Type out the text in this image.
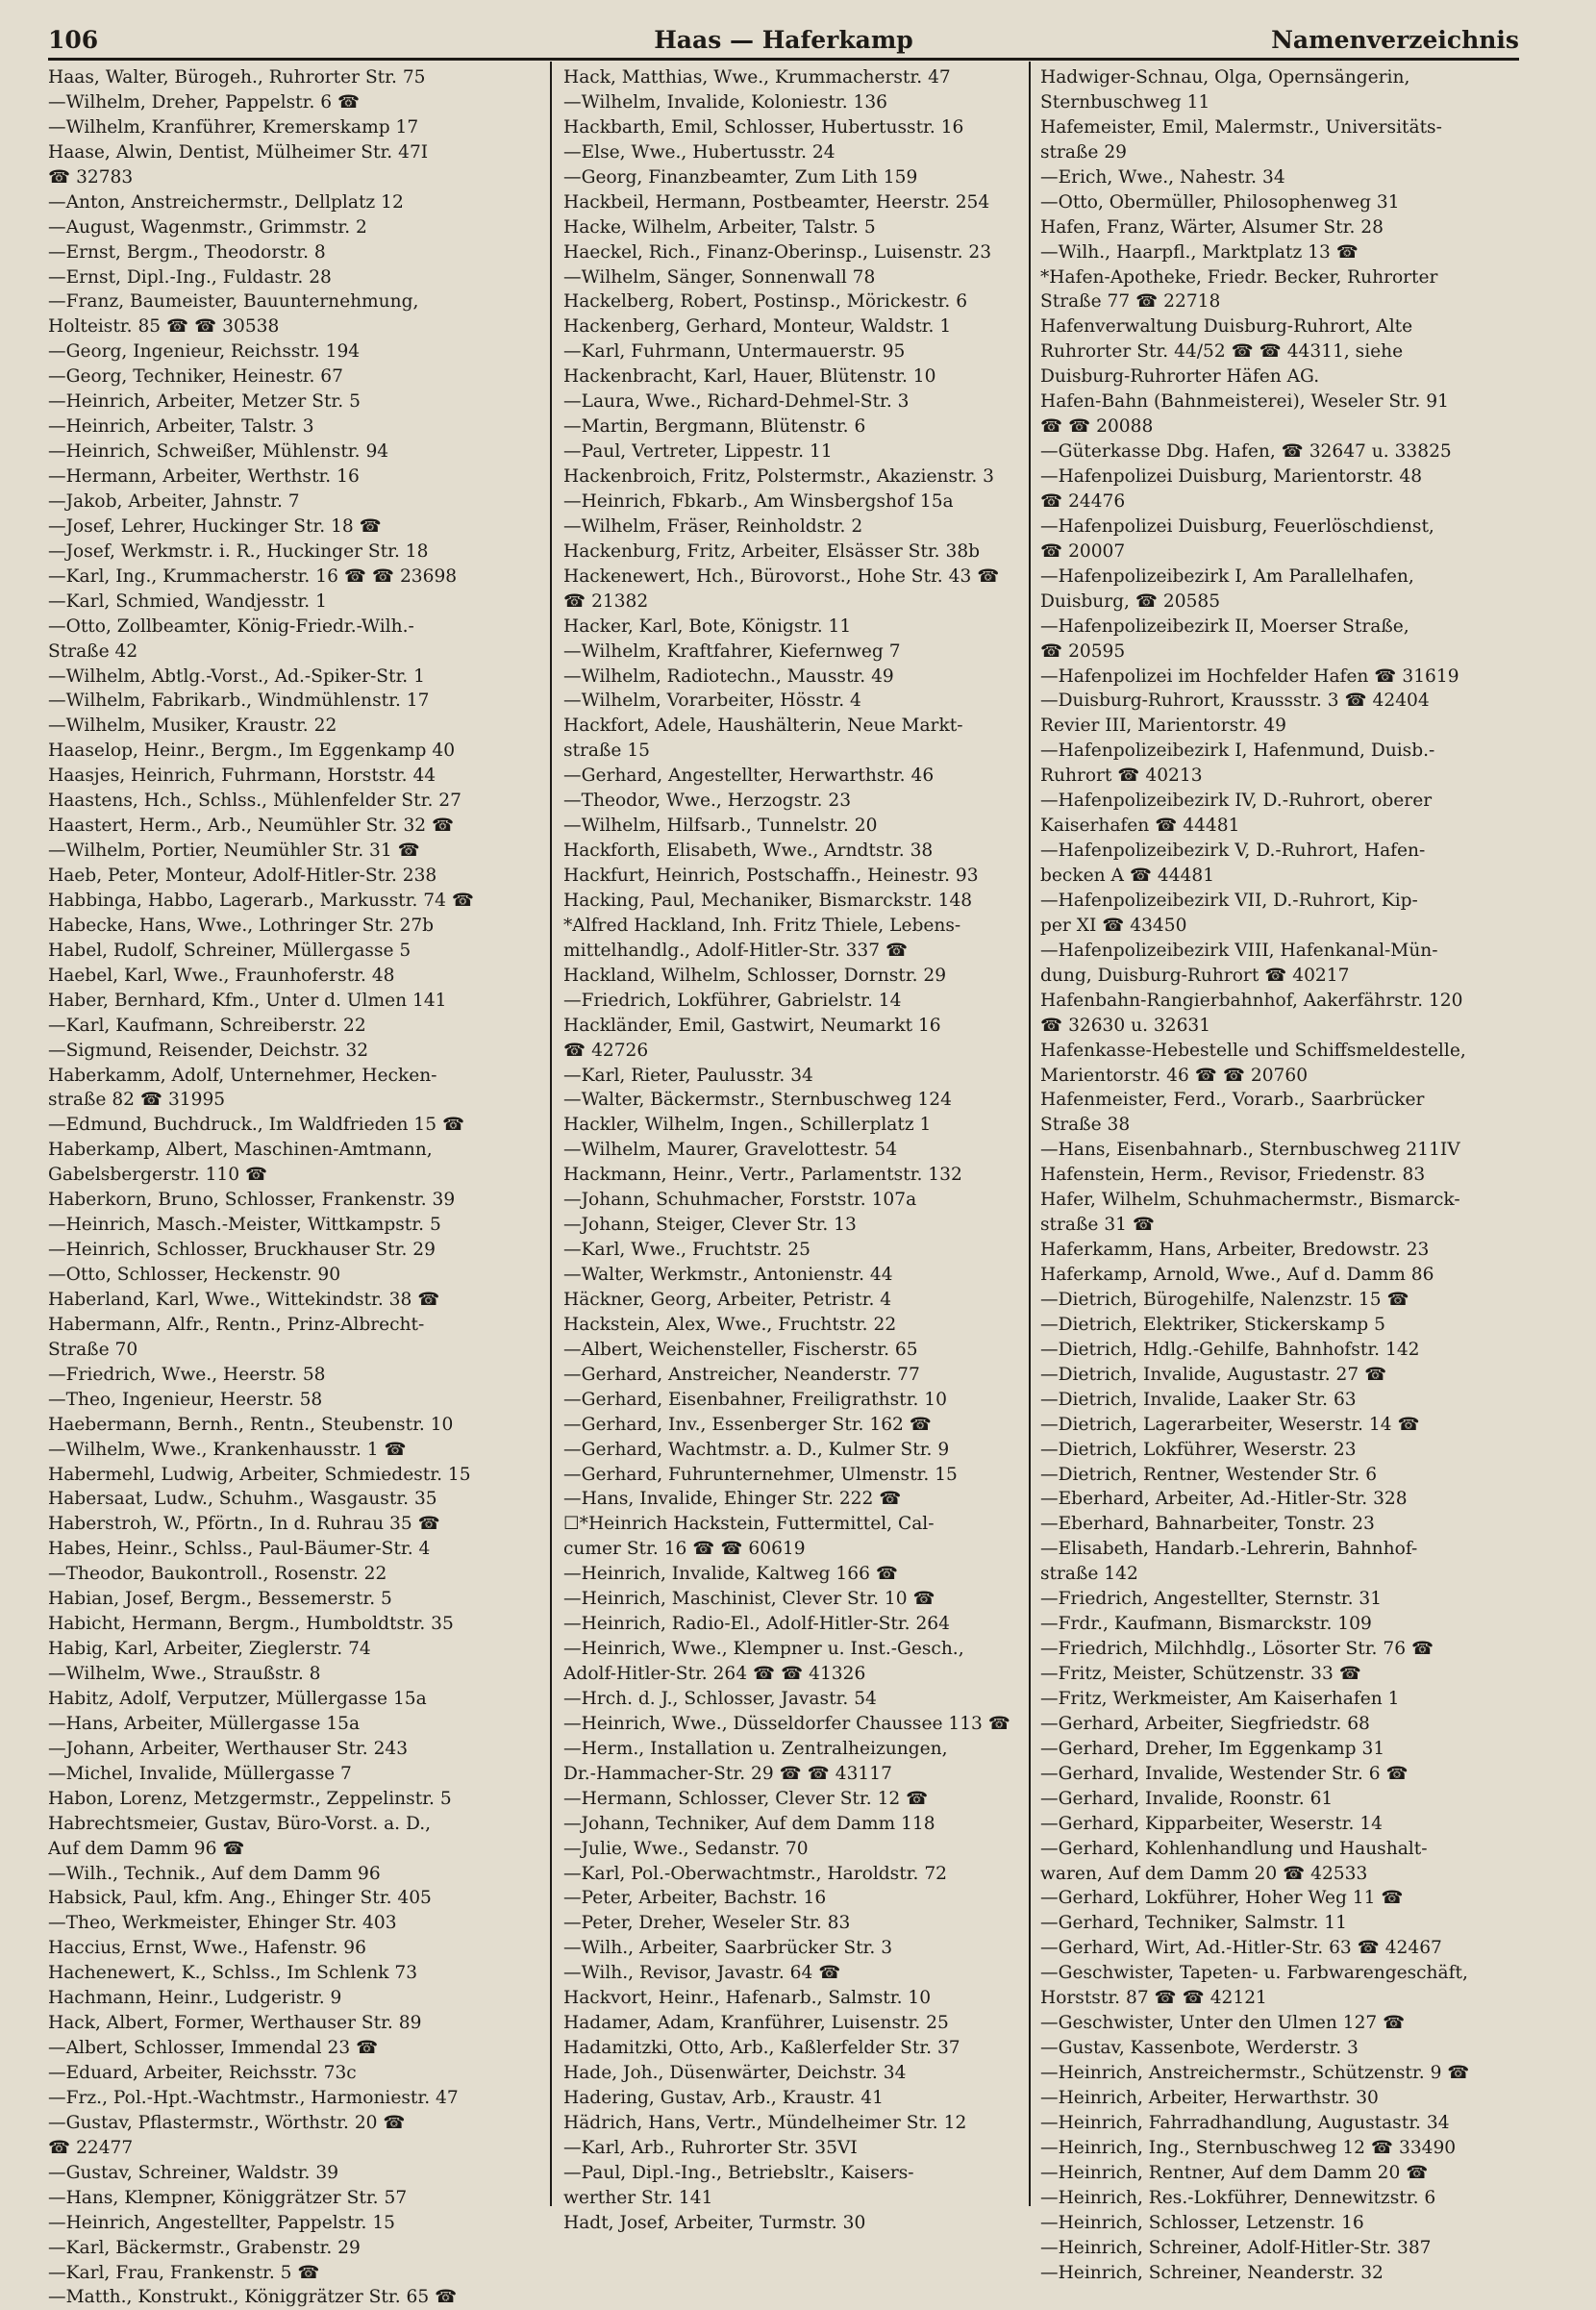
106	Haas — Haferkamp	Namenverzeichnis
Haas, Walter, Bürogeh., Ruhrorter Str. 75
—Wilhelm, Dreher, Pappelstr. 6 ☎
—Wilhelm, Kranführer, Kremerskamp 17
Haase, Alwin, Dentist, Mülheimer Str. 47I
☎ 32783
—Anton, Anstreichermstr., Dellplatz 12
—August, Wagenmstr., Grimmstr. 2
—Ernst, Bergm., Theodorstr. 8
—Ernst, Dipl.-Ing., Fuldastr. 28
—Franz, Baumeister, Bauunternehmung,
Holteistr. 85 ☎ ☎ 30538
—Georg, Ingenieur, Reichsstr. 194
—Georg, Techniker, Heinestr. 67
—Heinrich, Arbeiter, Metzer Str. 5
—Heinrich, Arbeiter, Talstr. 3
—Heinrich, Schweißer, Mühlenstr. 94
—Hermann, Arbeiter, Werthstr. 16
—Jakob, Arbeiter, Jahnstr. 7
—Josef, Lehrer, Huckinger Str. 18 ☎
—Josef, Werkmstr. i. R., Huckinger Str. 18
—Karl, Ing., Krummacherstr. 16 ☎ ☎ 23698
—Karl, Schmied, Wandjesstr. 1
—Otto, Zollbeamter, König-Friedr.-Wilh.-
Straße 42
—Wilhelm, Abtlg.-Vorst., Ad.-Spiker-Str. 1
—Wilhelm, Fabrikarb., Windmühlenstr. 17
—Wilhelm, Musiker, Kraustr. 22
Haaselop, Heinr., Bergm., Im Eggenkamp 40
Haasjes, Heinrich, Fuhrmann, Horststr. 44
Haastens, Hch., Schlss., Mühlenfelder Str. 27
Haastert, Herm., Arb., Neumühler Str. 32 ☎
—Wilhelm, Portier, Neumühler Str. 31 ☎
Haeb, Peter, Monteur, Adolf-Hitler-Str. 238
Habbinga, Habbo, Lagerarb., Markusstr. 74 ☎
Habecke, Hans, Wwe., Lothringer Str. 27b
Habel, Rudolf, Schreiner, Müllergasse 5
Haebel, Karl, Wwe., Fraunhoferstr. 48
Haber, Bernhard, Kfm., Unter d. Ulmen 141
—Karl, Kaufmann, Schreiberstr. 22
—Sigmund, Reisender, Deichstr. 32
Haberkamm, Adolf, Unternehmer, Hecken-
straße 82 ☎ 31995
—Edmund, Buchdruck., Im Waldfrieden 15 ☎
Haberkamp, Albert, Maschinen-Amtmann,
Gabelsbergerstr. 110 ☎
Haberkorn, Bruno, Schlosser, Frankenstr. 39
—Heinrich, Masch.-Meister, Wittkampstr. 5
—Heinrich, Schlosser, Bruckhauser Str. 29
—Otto, Schlosser, Heckenstr. 90
Haberland, Karl, Wwe., Wittekindstr. 38 ☎
Habermann, Alfr., Rentn., Prinz-Albrecht-
Straße 70
—Friedrich, Wwe., Heerstr. 58
—Theo, Ingenieur, Heerstr. 58
Haebermann, Bernh., Rentn., Steubenstr. 10
—Wilhelm, Wwe., Krankenhausstr. 1 ☎
Habermehl, Ludwig, Arbeiter, Schmiedestr. 15
Habersaat, Ludw., Schuhm., Wasgaustr. 35
Haberstroh, W., Pförtn., In d. Ruhrau 35 ☎
Habes, Heinr., Schlss., Paul-Bäumer-Str. 4
—Theodor, Baukontroll., Rosenstr. 22
Habian, Josef, Bergm., Bessemerstr. 5
Habicht, Hermann, Bergm., Humboldtstr. 35
Habig, Karl, Arbeiter, Zieglerstr. 74
—Wilhelm, Wwe., Straußstr. 8
Habitz, Adolf, Verputzer, Müllergasse 15a
—Hans, Arbeiter, Müllergasse 15a
—Johann, Arbeiter, Werthauser Str. 243
—Michel, Invalide, Müllergasse 7
Habon, Lorenz, Metzgermstr., Zeppelinstr. 5
Habrechtsmeier, Gustav, Büro-Vorst. a. D.,
Auf dem Damm 96 ☎
—Wilh., Technik., Auf dem Damm 96
Habsick, Paul, kfm. Ang., Ehinger Str. 405
—Theo, Werkmeister, Ehinger Str. 403
Haccius, Ernst, Wwe., Hafenstr. 96
Hachenewert, K., Schlss., Im Schlenk 73
Hachmann, Heinr., Ludgeristr. 9
Hack, Albert, Former, Werthauser Str. 89
—Albert, Schlosser, Immendal 23 ☎
—Eduard, Arbeiter, Reichsstr. 73c
—Frz., Pol.-Hpt.-Wachtmstr., Harmoniestr. 47
—Gustav, Pflastermstr., Wörthstr. 20 ☎
☎ 22477
—Gustav, Schreiner, Waldstr. 39
—Hans, Klempner, Königgrätzer Str. 57
—Heinrich, Angestellter, Pappelstr. 15
—Karl, Bäckermstr., Grabenstr. 29
—Karl, Frau, Frankenstr. 5 ☎
—Matth., Konstrukt., Königgrätzer Str. 65 ☎
Hack, Matthias, Wwe., Krummacherstr. 47
—Wilhelm, Invalide, Koloniestr. 136
Hackbarth, Emil, Schlosser, Hubertusstr. 16
—Else, Wwe., Hubertusstr. 24
—Georg, Finanzbeamter, Zum Lith 159
Hackbeil, Hermann, Postbeamter, Heerstr. 254
Hacke, Wilhelm, Arbeiter, Talstr. 5
Haeckel, Rich., Finanz-Oberinsp., Luisenstr. 23
—Wilhelm, Sänger, Sonnenwall 78
Hackelberg, Robert, Postinsp., Mörickestr. 6
Hackenberg, Gerhard, Monteur, Waldstr. 1
—Karl, Fuhrmann, Untermauerstr. 95
Hackenbracht, Karl, Hauer, Blütenstr. 10
—Laura, Wwe., Richard-Dehmel-Str. 3
—Martin, Bergmann, Blütenstr. 6
—Paul, Vertreter, Lippestr. 11
Hackenbroich, Fritz, Polstermstr., Akazienstr. 3
—Heinrich, Fbkarb., Am Winsbergshof 15a
—Wilhelm, Fräser, Reinholdstr. 2
Hackenburg, Fritz, Arbeiter, Elsässer Str. 38b
Hackenewert, Hch., Bürovorst., Hohe Str. 43 ☎
☎ 21382
Hacker, Karl, Bote, Königstr. 11
—Wilhelm, Kraftfahrer, Kiefernweg 7
—Wilhelm, Radiotechn., Mausstr. 49
—Wilhelm, Vorarbeiter, Hösstr. 4
Hackfort, Adele, Haushälterin, Neue Markt-
straße 15
—Gerhard, Angestellter, Herwarthstr. 46
—Theodor, Wwe., Herzogstr. 23
—Wilhelm, Hilfsarb., Tunnelstr. 20
Hackforth, Elisabeth, Wwe., Arndtstr. 38
Hackfurt, Heinrich, Postschaffn., Heinestr. 93
Hacking, Paul, Mechaniker, Bismarckstr. 148
*Alfred Hackland, Inh. Fritz Thiele, Lebens-
mittelhandlg., Adolf-Hitler-Str. 337 ☎
Hackland, Wilhelm, Schlosser, Dornstr. 29
—Friedrich, Lokführer, Gabrielstr. 14
Hackländer, Emil, Gastwirt, Neumarkt 16
☎ 42726
—Karl, Rieter, Paulusstr. 34
—Walter, Bäckermstr., Sternbuschweg 124
Hackler, Wilhelm, Ingen., Schillerplatz 1
—Wilhelm, Maurer, Gravelottestr. 54
Hackmann, Heinr., Vertr., Parlamentstr. 132
—Johann, Schuhmacher, Forststr. 107a
—Johann, Steiger, Clever Str. 13
—Karl, Wwe., Fruchtstr. 25
—Walter, Werkmstr., Antonienstr. 44
Häckner, Georg, Arbeiter, Petristr. 4
Hackstein, Alex, Wwe., Fruchtstr. 22
—Albert, Weichensteller, Fischerstr. 65
—Gerhard, Anstreicher, Neanderstr. 77
—Gerhard, Eisenbahner, Freiligrathstr. 10
—Gerhard, Inv., Essenberger Str. 162 ☎
—Gerhard, Wachtmstr. a. D., Kulmer Str. 9
—Gerhard, Fuhrunternehmer, Ulmenstr. 15
—Hans, Invalide, Ehinger Str. 222 ☎
☐*Heinrich Hackstein, Futtermittel, Cal-
cumer Str. 16 ☎ ☎ 60619
—Heinrich, Invalide, Kaltweg 166 ☎
—Heinrich, Maschinist, Clever Str. 10 ☎
—Heinrich, Radio-El., Adolf-Hitler-Str. 264
—Heinrich, Wwe., Klempner u. Inst.-Gesch.,
Adolf-Hitler-Str. 264 ☎ ☎ 41326
—Hrch. d. J., Schlosser, Javastr. 54
—Heinrich, Wwe., Düsseldorfer Chaussee 113 ☎
—Herm., Installation u. Zentralheizungen,
Dr.-Hammacher-Str. 29 ☎ ☎ 43117
—Hermann, Schlosser, Clever Str. 12 ☎
—Johann, Techniker, Auf dem Damm 118
—Julie, Wwe., Sedanstr. 70
—Karl, Pol.-Oberwachtmstr., Haroldstr. 72
—Peter, Arbeiter, Bachstr. 16
—Peter, Dreher, Weseler Str. 83
—Wilh., Arbeiter, Saarbrücker Str. 3
—Wilh., Revisor, Javastr. 64 ☎
Hackvort, Heinr., Hafenarb., Salmstr. 10
Hadamer, Adam, Kranführer, Luisenstr. 25
Hadamitzki, Otto, Arb., Kaßlerfelder Str. 37
Hade, Joh., Düsenwärter, Deichstr. 34
Hadering, Gustav, Arb., Kraustr. 41
Hädrich, Hans, Vertr., Mündelheimer Str. 12
—Karl, Arb., Ruhrorter Str. 35VI
—Paul, Dipl.-Ing., Betriebsltr., Kaisers-
werther Str. 141
Hadt, Josef, Arbeiter, Turmstr. 30
Hadwiger-Schnau, Olga, Opernsängerin,
Sternbuschweg 11
Hafemeister, Emil, Malermstr., Universitäts-
straße 29
—Erich, Wwe., Nahestr. 34
—Otto, Obermüller, Philosophenweg 31
Hafen, Franz, Wärter, Alsumer Str. 28
—Wilh., Haarpfl., Marktplatz 13 ☎
*Hafen-Apotheke, Friedr. Becker, Ruhrorter
Straße 77 ☎ 22718
Hafenverwaltung Duisburg-Ruhrort, Alte
Ruhrorter Str. 44/52 ☎ ☎ 44311, siehe
Duisburg-Ruhrorter Häfen AG.
Hafen-Bahn (Bahnmeisterei), Weseler Str. 91
☎ ☎ 20088
—Güterkasse Dbg. Hafen, ☎ 32647 u. 33825
—Hafenpolizei Duisburg, Marientorstr. 48
☎ 24476
—Hafenpolizei Duisburg, Feuerlöschdienst,
☎ 20007
—Hafenpolizeibezirk I, Am Parallelhafen,
Duisburg, ☎ 20585
—Hafenpolizeibezirk II, Moerser Straße,
☎ 20595
—Hafenpolizei im Hochfelder Hafen ☎ 31619
—Duisburg-Ruhrort, Kraussstr. 3 ☎ 42404
Revier III, Marientorstr. 49
—Hafenpolizeibezirk I, Hafenmund, Duisb.-
Ruhrort ☎ 40213
—Hafenpolizeibezirk IV, D.-Ruhrort, oberer
Kaiserhafen ☎ 44481
—Hafenpolizeibezirk V, D.-Ruhrort, Hafen-
becken A ☎ 44481
—Hafenpolizeibezirk VII, D.-Ruhrort, Kip-
per XI ☎ 43450
—Hafenpolizeibezirk VIII, Hafenkanal-Mün-
dung, Duisburg-Ruhrort ☎ 40217
Hafenbahn-Rangierbahnhof, Aakerfährstr. 120
☎ 32630 u. 32631
Hafenkasse-Hebestelle und Schiffsmeldestelle,
Marientorstr. 46 ☎ ☎ 20760
Hafenmeister, Ferd., Vorarb., Saarbrücker
Straße 38
—Hans, Eisenbahnarb., Sternbuschweg 211IV
Hafenstein, Herm., Revisor, Friedenstr. 83
Hafer, Wilhelm, Schuhmachermstr., Bismarck-
straße 31 ☎
Haferkamm, Hans, Arbeiter, Bredowstr. 23
Haferkamp, Arnold, Wwe., Auf d. Damm 86
—Dietrich, Bürogehilfe, Nalenzstr. 15 ☎
—Dietrich, Elektriker, Stickerskamp 5
—Dietrich, Hdlg.-Gehilfe, Bahnhofstr. 142
—Dietrich, Invalide, Augustastr. 27 ☎
—Dietrich, Invalide, Laaker Str. 63
—Dietrich, Lagerarbeiter, Weserstr. 14 ☎
—Dietrich, Lokführer, Weserstr. 23
—Dietrich, Rentner, Westender Str. 6
—Eberhard, Arbeiter, Ad.-Hitler-Str. 328
—Eberhard, Bahnarbeiter, Tonstr. 23
—Elisabeth, Handarb.-Lehrerin, Bahnhof-
straße 142
—Friedrich, Angestellter, Sternstr. 31
—Frdr., Kaufmann, Bismarckstr. 109
—Friedrich, Milchhdlg., Lösorter Str. 76 ☎
—Fritz, Meister, Schützenstr. 33 ☎
—Fritz, Werkmeister, Am Kaiserhafen 1
—Gerhard, Arbeiter, Siegfriedstr. 68
—Gerhard, Dreher, Im Eggenkamp 31
—Gerhard, Invalide, Westender Str. 6 ☎
—Gerhard, Invalide, Roonstr. 61
—Gerhard, Kipparbeiter, Weserstr. 14
—Gerhard, Kohlenhandlung und Haushalt-
waren, Auf dem Damm 20 ☎ 42533
—Gerhard, Lokführer, Hoher Weg 11 ☎
—Gerhard, Techniker, Salmstr. 11
—Gerhard, Wirt, Ad.-Hitler-Str. 63 ☎ 42467
—Geschwister, Tapeten- u. Farbwarengeschäft,
Horststr. 87 ☎ ☎ 42121
—Geschwister, Unter den Ulmen 127 ☎
—Gustav, Kassenbote, Werderstr. 3
—Heinrich, Anstreichermstr., Schützenstr. 9 ☎
—Heinrich, Arbeiter, Herwarthstr. 30
—Heinrich, Fahrradhandlung, Augustastr. 34
—Heinrich, Ing., Sternbuschweg 12 ☎ 33490
—Heinrich, Rentner, Auf dem Damm 20 ☎
—Heinrich, Res.-Lokführer, Dennewitzstr. 6
—Heinrich, Schlosser, Letzenstr. 16
—Heinrich, Schreiner, Adolf-Hitler-Str. 387
—Heinrich, Schreiner, Neanderstr. 32
